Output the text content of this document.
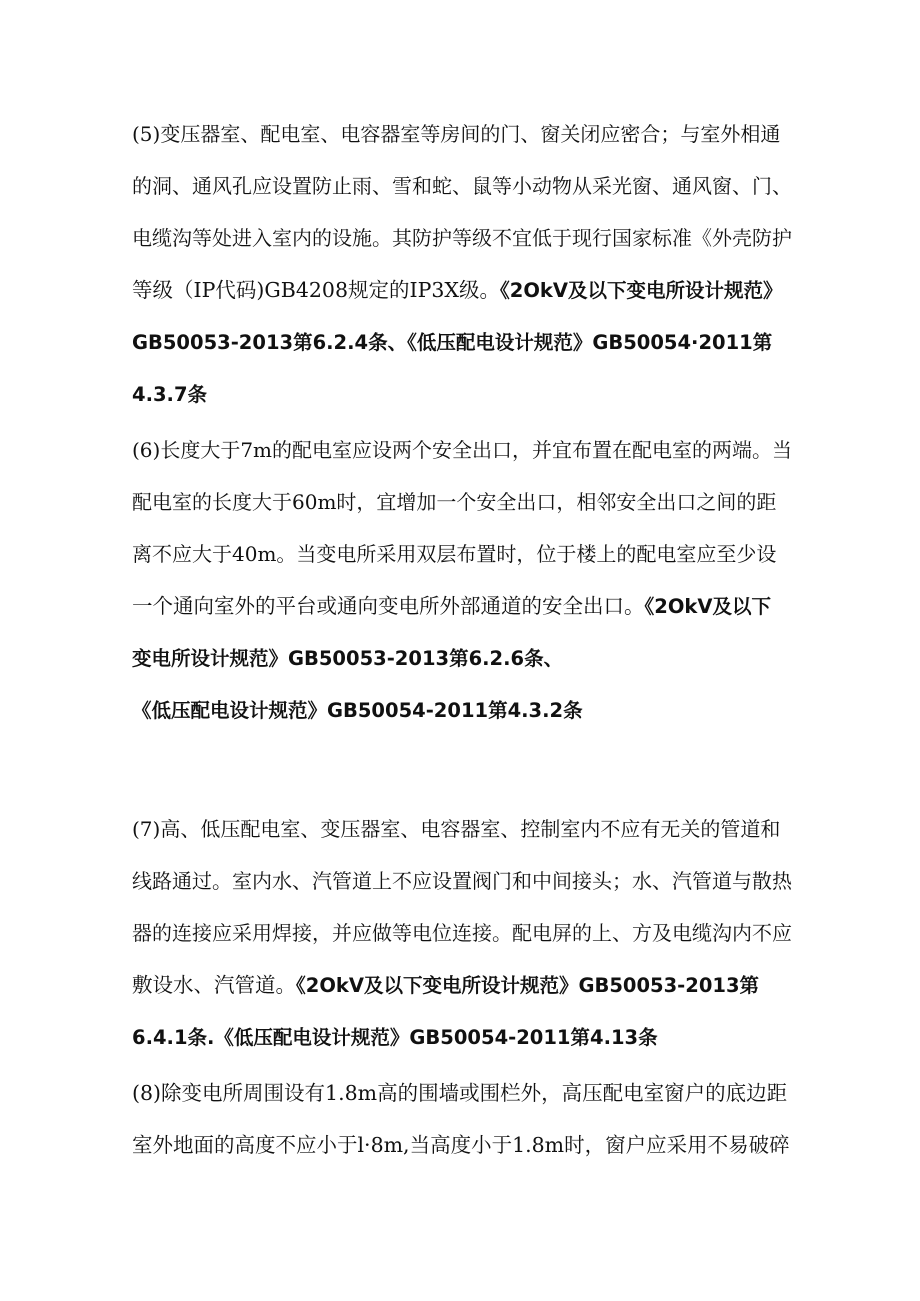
(5)变压器室、配电室、电容器室等房间的门、窗关闭应密合；与室外相通
的洞、通风孔应设置防止雨、雪和蛇、鼠等小动物从采光窗、通风窗、门、
电缆沟等处进入室内的设施。其防护等级不宜低于现行国家标准《外壳防护
等级（IP代码)GB4208规定的IP3X级。《2OkV及以下变电所设计规范》
GB50053-2013第6.2.4条、《低压配电设计规范》GB50054·2011第
4.3.7条
(6)长度大于7m的配电室应设两个安全出口，并宜布置在配电室的两端。当
配电室的长度大于60m时，宜增加一个安全出口，相邻安全出口之间的距
离不应大于40m。当变电所采用双层布置时，位于楼上的配电室应至少设
一个通向室外的平台或通向变电所外部通道的安全出口。《2OkV及以下
变电所设计规范》GB50053-2013第6.2.6条、
《低压配电设计规范》GB50054-2011第4.3.2条
(7)高、低压配电室、变压器室、电容器室、控制室内不应有无关的管道和
线路通过。室内水、汽管道上不应设置阀门和中间接头；水、汽管道与散热
器的连接应采用焊接，并应做等电位连接。配电屏的上、方及电缆沟内不应
敷设水、汽管道。《2OkV及以下变电所设计规范》GB50053-2013第
6.4.1条.《低压配电设计规范》GB50054-2011第4.13条
(8)除变电所周围设有1.8m高的围墙或围栏外，高压配电室窗户的底边距
室外地面的高度不应小于l·8m,当高度小于1.8m时，窗户应采用不易破碎
